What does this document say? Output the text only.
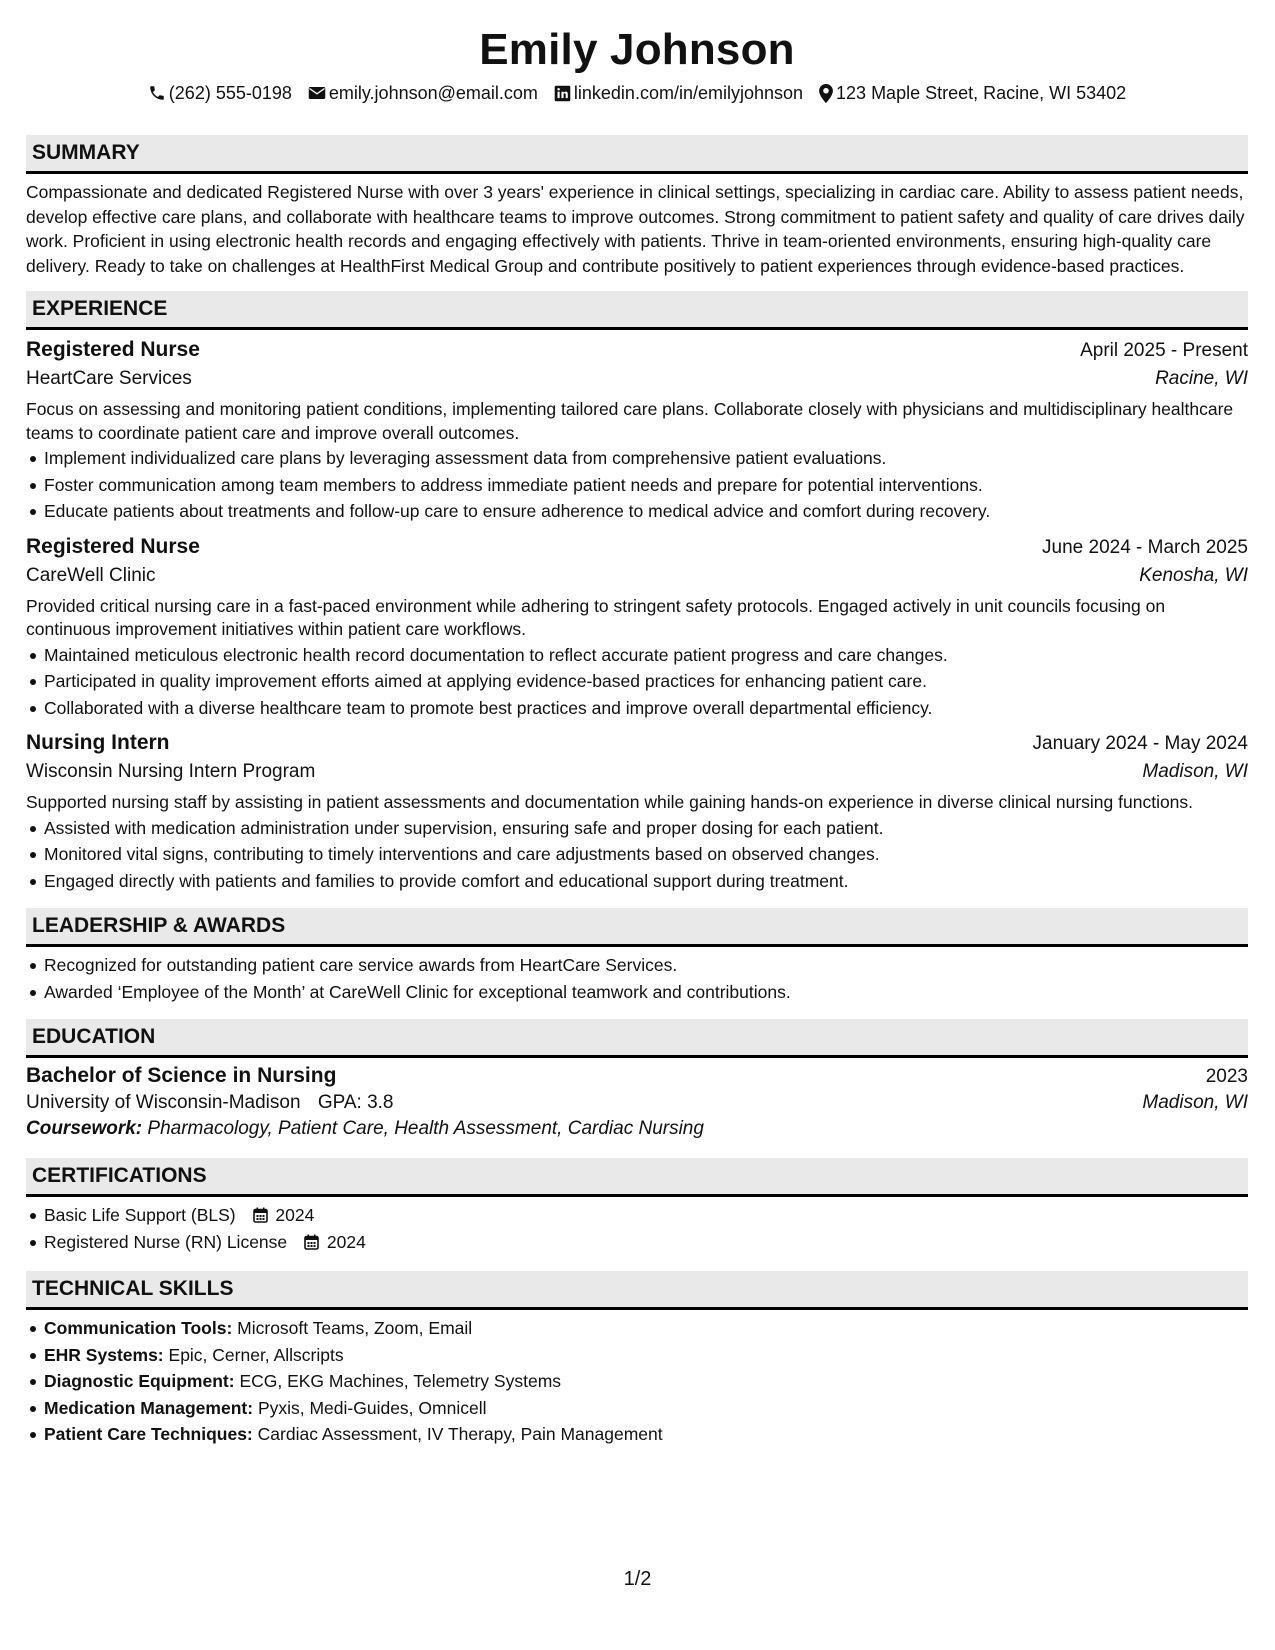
Emily Johnson
(262) 555-0198 emily.johnson@email.com linkedin.com/in/emilyjohnson 123 Maple Street, Racine, WI 53402
SUMMARY

Compassionate and dedicated Registered Nurse with over 3 years' experience in clinical settings, specializing in cardiac care. Ability to assess patient needs, develop effective care plans, and collaborate with healthcare teams to improve outcomes. Strong commitment to patient safety and quality of care drives daily work. Proficient in using electronic health records and engaging effectively with patients. Thrive in team-oriented environments, ensuring high-quality care delivery. Ready to take on challenges at HealthFirst Medical Group and contribute positively to patient experiences through evidence-based practices.

EXPERIENCE
Registered Nurse	April 2025 - Present
HeartCare Services	Racine, WI

Focus on assessing and monitoring patient conditions, implementing tailored care plans. Collaborate closely with physicians and multidisciplinary healthcare teams to coordinate patient care and improve overall outcomes.

Implement individualized care plans by leveraging assessment data from comprehensive patient evaluations.
Foster communication among team members to address immediate patient needs and prepare for potential interventions.
Educate patients about treatments and follow-up care to ensure adherence to medical advice and comfort during recovery.
Registered Nurse	June 2024 - March 2025
CareWell Clinic	Kenosha, WI

Provided critical nursing care in a fast-paced environment while adhering to stringent safety protocols. Engaged actively in unit councils focusing on continuous improvement initiatives within patient care workflows.

Maintained meticulous electronic health record documentation to reflect accurate patient progress and care changes.
Participated in quality improvement efforts aimed at applying evidence-based practices for enhancing patient care.
Collaborated with a diverse healthcare team to promote best practices and improve overall departmental efficiency.
Nursing Intern	January 2024 - May 2024
Wisconsin Nursing Intern Program	Madison, WI

Supported nursing staff by assisting in patient assessments and documentation while gaining hands-on experience in diverse clinical nursing functions.

Assisted with medication administration under supervision, ensuring safe and proper dosing for each patient.
Monitored vital signs, contributing to timely interventions and care adjustments based on observed changes.
Engaged directly with patients and families to provide comfort and educational support during treatment.
LEADERSHIP & AWARDS
Recognized for outstanding patient care service awards from HeartCare Services.
Awarded ‘Employee of the Month’ at CareWell Clinic for exceptional teamwork and contributions.
EDUCATION
Bachelor of Science in Nursing	2023
University of Wisconsin-Madison GPA: 3.8	Madison, WI
Coursework: Pharmacology, Patient Care, Health Assessment, Cardiac Nursing
CERTIFICATIONS
Basic Life Support (BLS) 2024
Registered Nurse (RN) License 2024
TECHNICAL SKILLS
Communication Tools: Microsoft Teams, Zoom, Email
EHR Systems: Epic, Cerner, Allscripts
Diagnostic Equipment: ECG, EKG Machines, Telemetry Systems
Medication Management: Pyxis, Medi-Guides, Omnicell
Patient Care Techniques: Cardiac Assessment, IV Therapy, Pain Management
1/2
